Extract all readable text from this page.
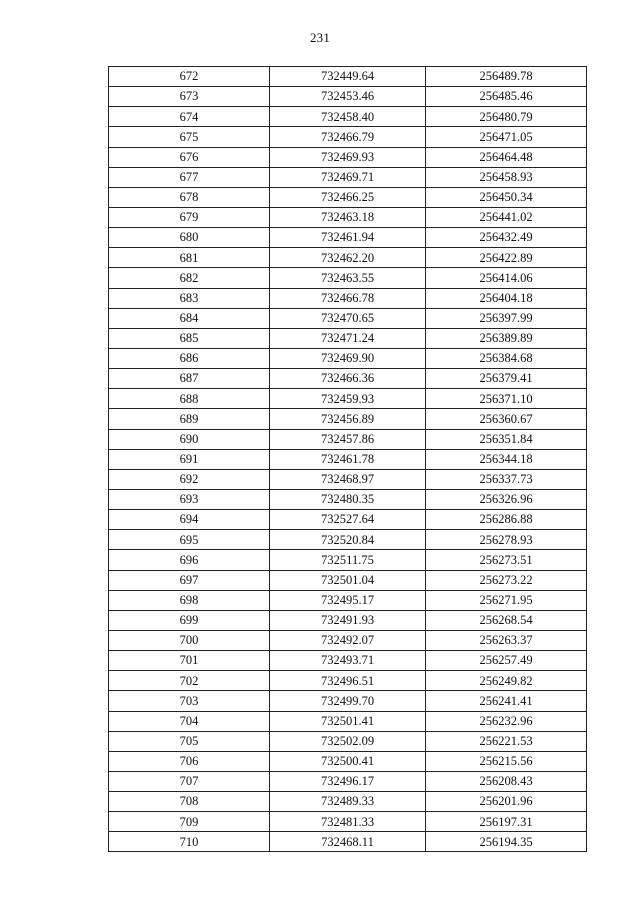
231
672	732449.64	256489.78
673	732453.46	256485.46
674	732458.40	256480.79
675	732466.79	256471.05
676	732469.93	256464.48
677	732469.71	256458.93
678	732466.25	256450.34
679	732463.18	256441.02
680	732461.94	256432.49
681	732462.20	256422.89
682	732463.55	256414.06
683	732466.78	256404.18
684	732470.65	256397.99
685	732471.24	256389.89
686	732469.90	256384.68
687	732466.36	256379.41
688	732459.93	256371.10
689	732456.89	256360.67
690	732457.86	256351.84
691	732461.78	256344.18
692	732468.97	256337.73
693	732480.35	256326.96
694	732527.64	256286.88
695	732520.84	256278.93
696	732511.75	256273.51
697	732501.04	256273.22
698	732495.17	256271.95
699	732491.93	256268.54
700	732492.07	256263.37
701	732493.71	256257.49
702	732496.51	256249.82
703	732499.70	256241.41
704	732501.41	256232.96
705	732502.09	256221.53
706	732500.41	256215.56
707	732496.17	256208.43
708	732489.33	256201.96
709	732481.33	256197.31
710	732468.11	256194.35
